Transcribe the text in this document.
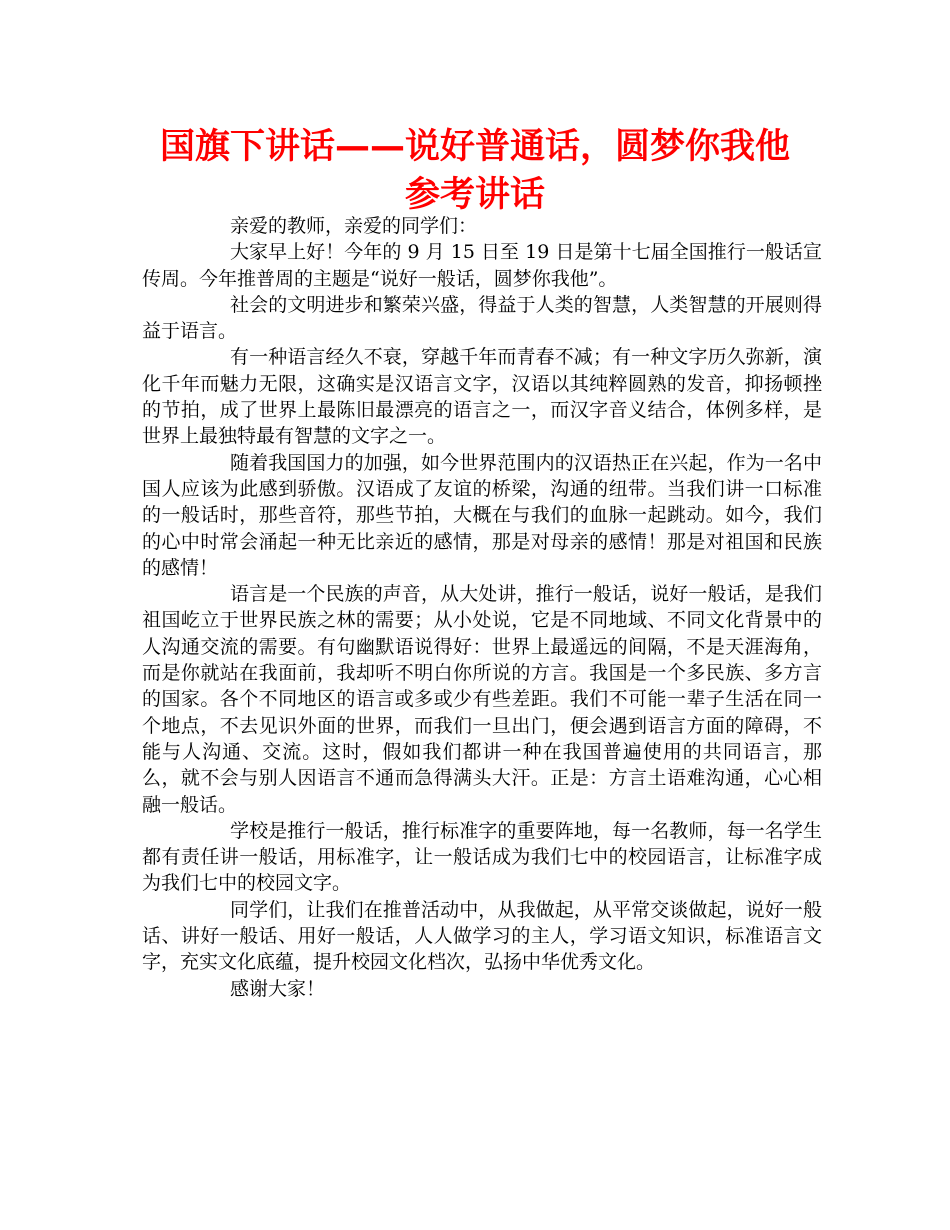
国旗下讲话——说好普通话，圆梦你我他
参考讲话

亲爱的教师，亲爱的同学们：

大家早上好！今年的 9 月 15 日至 19 日是第十七届全国推行一般话宣传周。今年推普周的主题是“说好一般话，圆梦你我他”。

社会的文明进步和繁荣兴盛，得益于人类的智慧，人类智慧的开展则得益于语言。

有一种语言经久不衰，穿越千年而青春不减；有一种文字历久弥新，演化千年而魅力无限，这确实是汉语言文字，汉语以其纯粹圆熟的发音，抑扬顿挫的节拍，成了世界上最陈旧最漂亮的语言之一，而汉字音义结合，体例多样，是世界上最独特最有智慧的文字之一。

随着我国国力的加强，如今世界范围内的汉语热正在兴起，作为一名中国人应该为此感到骄傲。汉语成了友谊的桥梁，沟通的纽带。当我们讲一口标准的一般话时，那些音符，那些节拍，大概在与我们的血脉一起跳动。如今，我们的心中时常会涌起一种无比亲近的感情，那是对母亲的感情！那是对祖国和民族的感情！

语言是一个民族的声音，从大处讲，推行一般话，说好一般话，是我们祖国屹立于世界民族之林的需要；从小处说，它是不同地域、不同文化背景中的人沟通交流的需要。有句幽默语说得好：世界上最遥远的间隔，不是天涯海角，而是你就站在我面前，我却听不明白你所说的方言。我国是一个多民族、多方言的国家。各个不同地区的语言或多或少有些差距。我们不可能一辈子生活在同一个地点，不去见识外面的世界，而我们一旦出门，便会遇到语言方面的障碍，不能与人沟通、交流。这时，假如我们都讲一种在我国普遍使用的共同语言，那么，就不会与别人因语言不通而急得满头大汗。正是：方言土语难沟通，心心相融一般话。

学校是推行一般话，推行标准字的重要阵地，每一名教师，每一名学生都有责任讲一般话，用标准字，让一般话成为我们七中的校园语言，让标准字成为我们七中的校园文字。

同学们，让我们在推普活动中，从我做起，从平常交谈做起，说好一般话、讲好一般话、用好一般话，人人做学习的主人，学习语文知识，标准语言文字，充实文化底蕴，提升校园文化档次，弘扬中华优秀文化。

感谢大家！
